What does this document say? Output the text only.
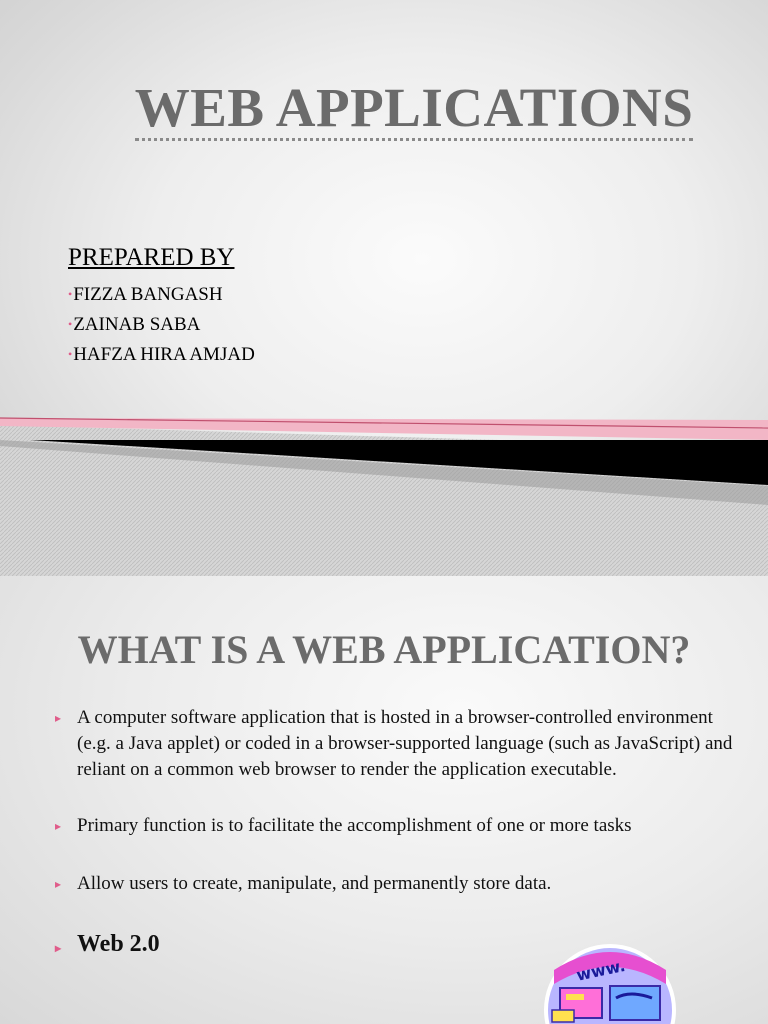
WEB APPLICATIONS
PREPARED BY
•FIZZA BANGASH
•ZAINAB SABA
•HAFZA HIRA AMJAD
WHAT IS A WEB APPLICATION?
▸ A computer software application that is hosted in a browser-controlled environment (e.g. a Java applet) or coded in a browser-supported language (such as JavaScript) and reliant on a common web browser to render the application executable.
▸ Primary function is to facilitate the accomplishment of one or more tasks
▸ Allow users to create, manipulate, and permanently store data.
▸ Web 2.0
www.
